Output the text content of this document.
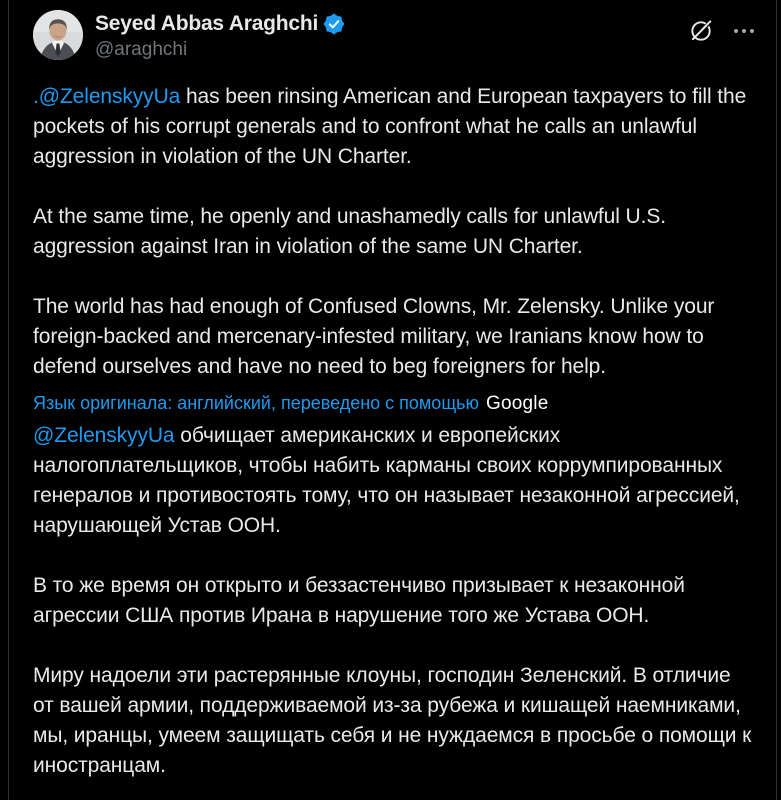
Seyed Abbas Araghchi
@araghchi

.@ZelenskyyUa has been rinsing American and European taxpayers to fill the pockets of his corrupt generals and to confront what he calls an unlawful aggression in violation of the UN Charter.

At the same time, he openly and unashamedly calls for unlawful U.S. aggression against Iran in violation of the same UN Charter.

The world has had enough of Confused Clowns, Mr. Zelensky. Unlike your foreign-backed and mercenary-infested military, we Iranians know how to defend ourselves and have no need to beg foreigners for help.

Язык оригинала: английский, переведено с помощью Google

@ZelenskyyUa обчищает американских и европейских налогоплательщиков, чтобы набить карманы своих коррумпированных генералов и противостоять тому, что он называет незаконной агрессией, нарушающей Устав ООН.

В то же время он открыто и беззастенчиво призывает к незаконной агрессии США против Ирана в нарушение того же Устава ООН.

Миру надоели эти растерянные клоуны, господин Зеленский. В отличие от вашей армии, поддерживаемой из-за рубежа и кишащей наемниками, мы, иранцы, умеем защищать себя и не нуждаемся в просьбе о помощи к иностранцам.
